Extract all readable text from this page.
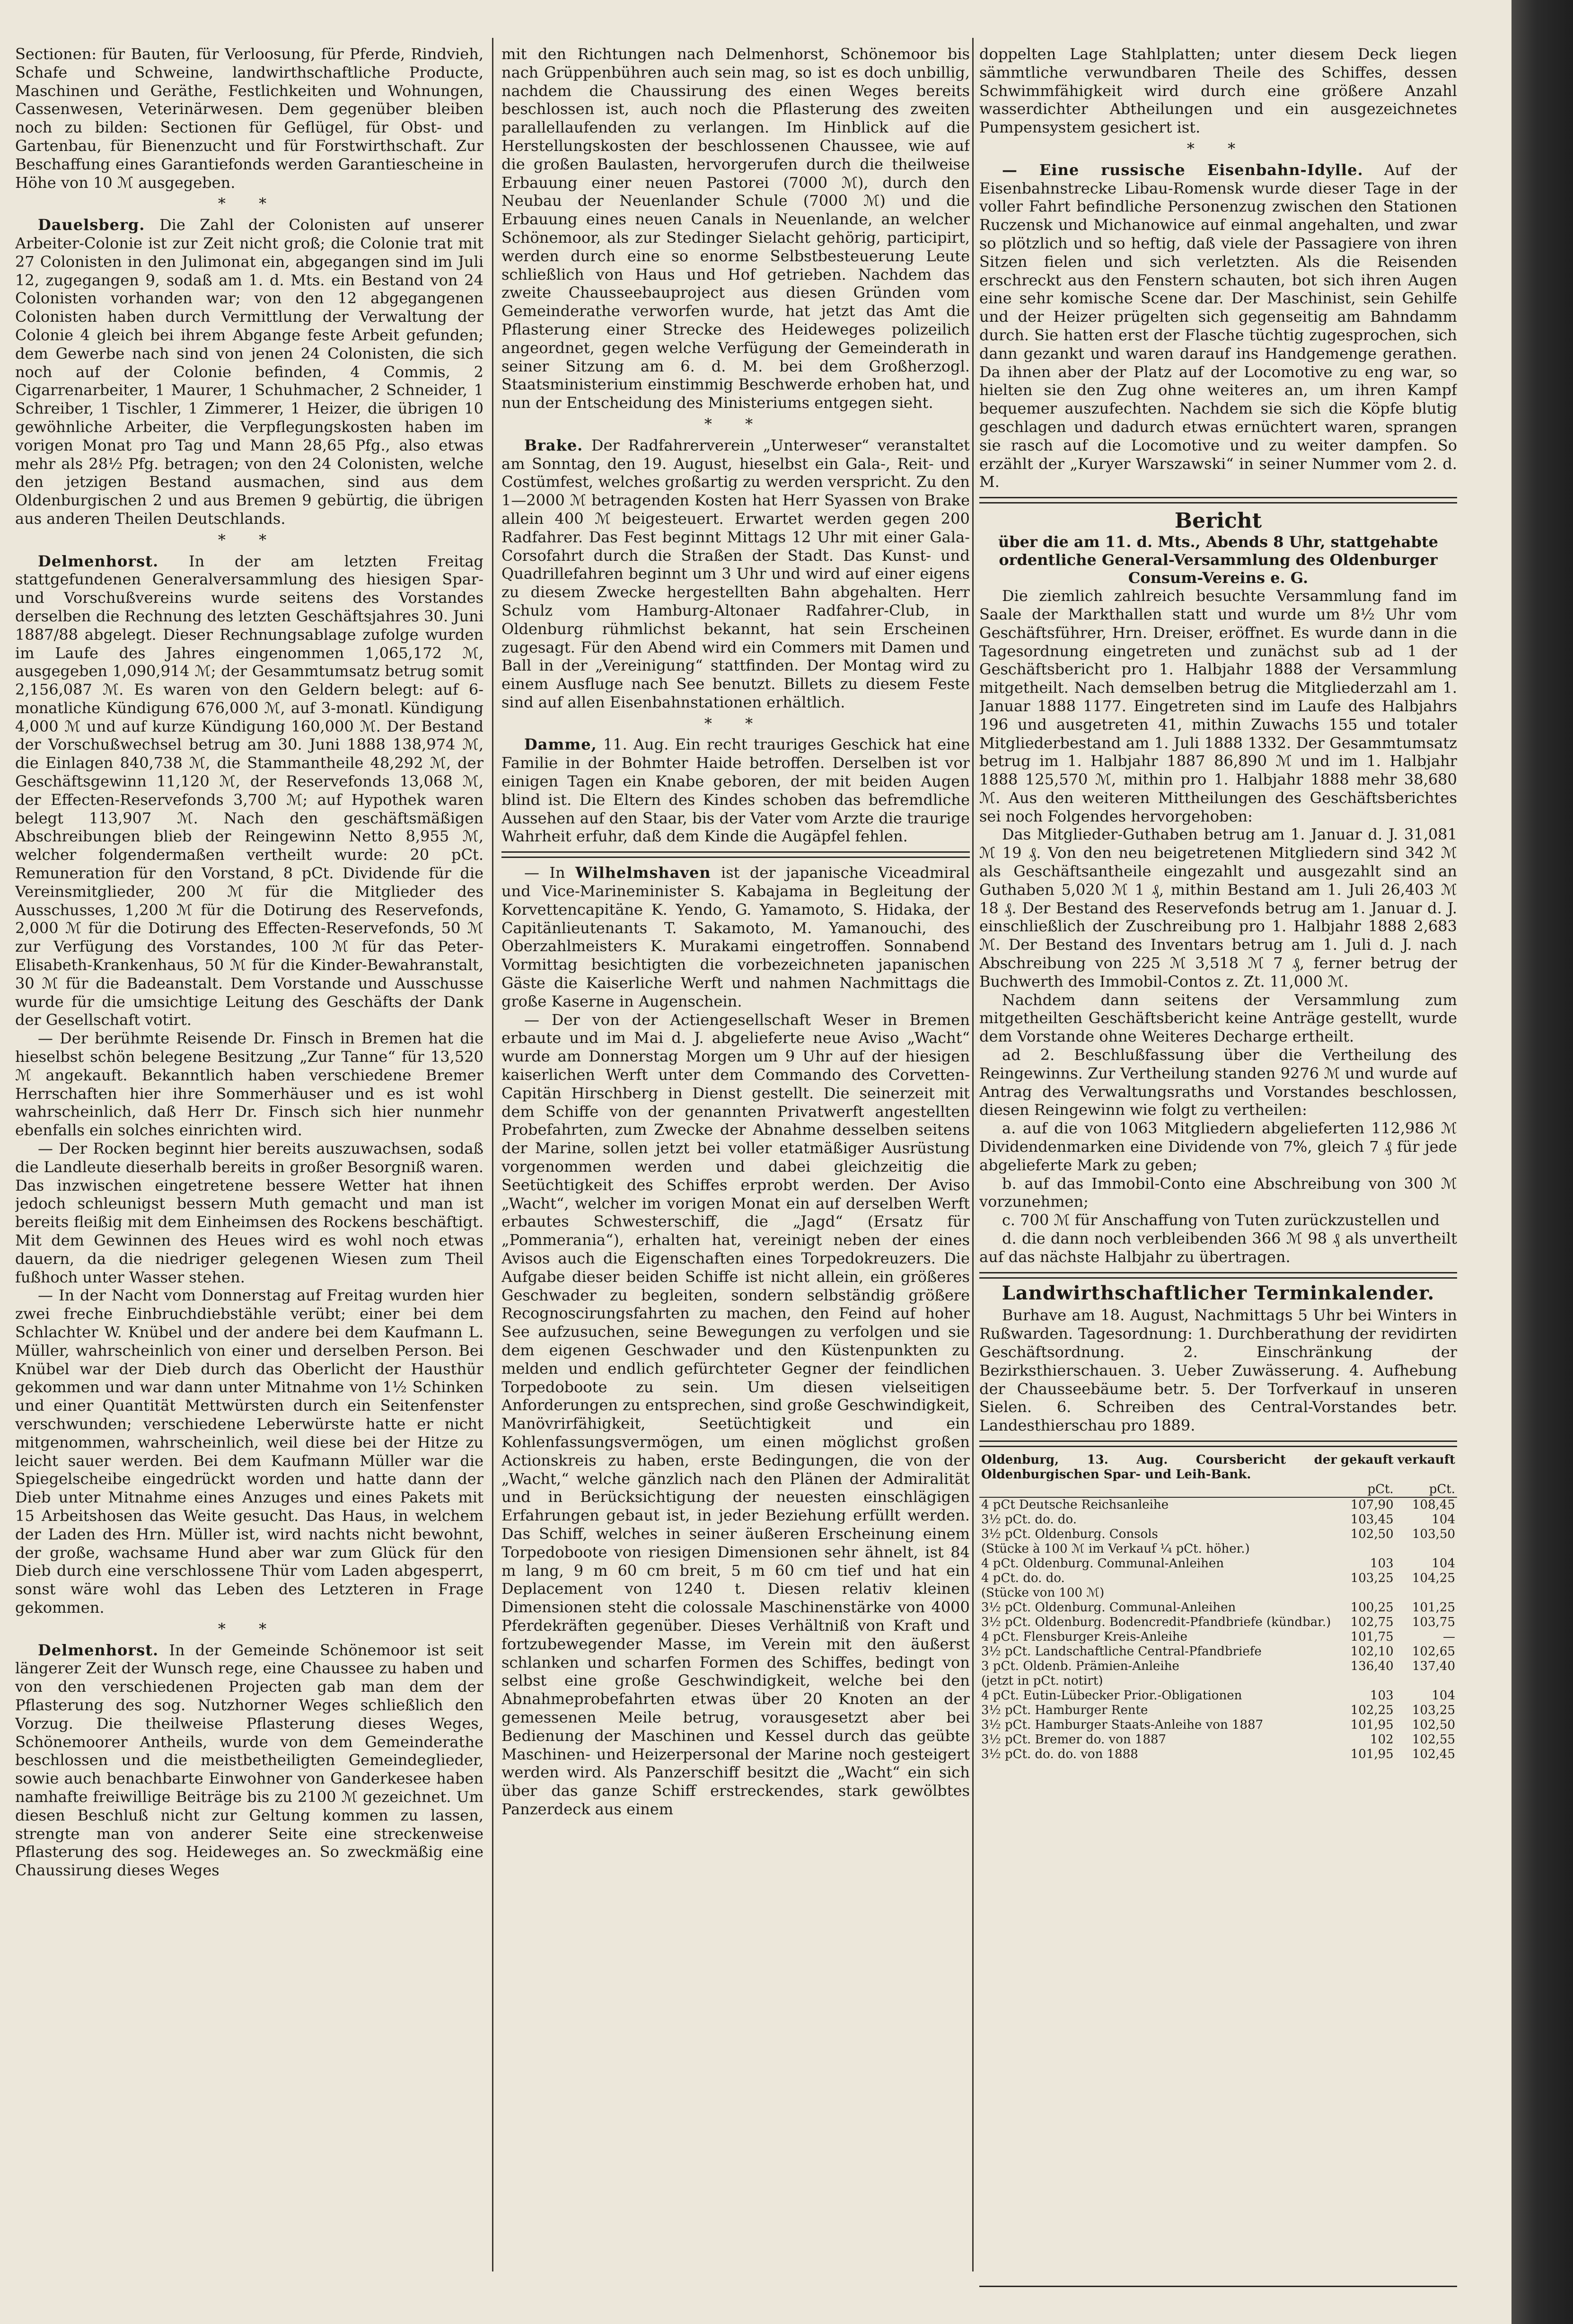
Sectionen: für Bauten, für Verloosung, für Pferde, Rindvieh, Schafe und Schweine, landwirthschaftliche Producte, Maschinen und Geräthe, Festlichkeiten und Wohnungen, Cassenwesen, Veterinärwesen. Dem gegenüber bleiben noch zu bilden: Sectionen für Geflügel, für Obst- und Gartenbau, für Bienenzucht und für Forstwirthschaft. Zur Beschaffung eines Garantiefonds werden Garantiescheine in Höhe von 10 ℳ ausgegeben.

* *

Dauelsberg. Die Zahl der Colonisten auf unserer Arbeiter-Colonie ist zur Zeit nicht groß; die Colonie trat mit 27 Colonisten in den Julimonat ein, abgegangen sind im Juli 12, zugegangen 9, sodaß am 1. d. Mts. ein Bestand von 24 Colonisten vorhanden war; von den 12 abgegangenen Colonisten haben durch Vermittlung der Verwaltung der Colonie 4 gleich bei ihrem Abgange feste Arbeit gefunden; dem Gewerbe nach sind von jenen 24 Colonisten, die sich noch auf der Colonie befinden, 4 Commis, 2 Cigarrenarbeiter, 1 Maurer, 1 Schuhmacher, 2 Schneider, 1 Schreiber, 1 Tischler, 1 Zimmerer, 1 Heizer, die übrigen 10 gewöhnliche Arbeiter, die Verpflegungskosten haben im vorigen Monat pro Tag und Mann 28,65 Pfg., also etwas mehr als 28½ Pfg. betragen; von den 24 Colonisten, welche den jetzigen Bestand ausmachen, sind aus dem Oldenburgischen 2 und aus Bremen 9 gebürtig, die übrigen aus anderen Theilen Deutschlands.

* *

Delmenhorst. In der am letzten Freitag stattgefundenen Generalversammlung des hiesigen Spar- und Vorschußvereins wurde seitens des Vorstandes derselben die Rechnung des letzten Geschäftsjahres 30. Juni 1887/88 abgelegt. Dieser Rechnungsablage zufolge wurden im Laufe des Jahres eingenommen 1,065,172 ℳ, ausgegeben 1,090,914 ℳ; der Gesammtumsatz betrug somit 2,156,087 ℳ. Es waren von den Geldern belegt: auf 6-monatliche Kündigung 676,000 ℳ, auf 3-monatl. Kündigung 4,000 ℳ und auf kurze Kündigung 160,000 ℳ. Der Bestand der Vorschußwechsel betrug am 30. Juni 1888 138,974 ℳ, die Einlagen 840,738 ℳ, die Stammantheile 48,292 ℳ, der Geschäftsgewinn 11,120 ℳ, der Reservefonds 13,068 ℳ, der Effecten-Reservefonds 3,700 ℳ; auf Hypothek waren belegt 113,907 ℳ. Nach den geschäftsmäßigen Abschreibungen blieb der Reingewinn Netto 8,955 ℳ, welcher folgendermaßen vertheilt wurde: 20 pCt. Remuneration für den Vorstand, 8 pCt. Dividende für die Vereinsmitglieder, 200 ℳ für die Mitglieder des Ausschusses, 1,200 ℳ für die Dotirung des Reservefonds, 2,000 ℳ für die Dotirung des Effecten-Reservefonds, 50 ℳ zur Verfügung des Vorstandes, 100 ℳ für das Peter-Elisabeth-Krankenhaus, 50 ℳ für die Kinder-Bewahranstalt, 30 ℳ für die Badeanstalt. Dem Vorstande und Ausschusse wurde für die umsichtige Leitung des Geschäfts der Dank der Gesellschaft votirt.

— Der berühmte Reisende Dr. Finsch in Bremen hat die hieselbst schön belegene Besitzung „Zur Tanne“ für 13,520 ℳ angekauft. Bekanntlich haben verschiedene Bremer Herrschaften hier ihre Sommerhäuser und es ist wohl wahrscheinlich, daß Herr Dr. Finsch sich hier nunmehr ebenfalls ein solches einrichten wird.

— Der Rocken beginnt hier bereits auszuwachsen, sodaß die Landleute dieserhalb bereits in großer Besorgniß waren. Das inzwischen eingetretene bessere Wetter hat ihnen jedoch schleunigst bessern Muth gemacht und man ist bereits fleißig mit dem Einheimsen des Rockens beschäftigt. Mit dem Gewinnen des Heues wird es wohl noch etwas dauern, da die niedriger gelegenen Wiesen zum Theil fußhoch unter Wasser stehen.

— In der Nacht vom Donnerstag auf Freitag wurden hier zwei freche Einbruchdiebstähle verübt; einer bei dem Schlachter W. Knübel und der andere bei dem Kaufmann L. Müller, wahrscheinlich von einer und derselben Person. Bei Knübel war der Dieb durch das Oberlicht der Hausthür gekommen und war dann unter Mitnahme von 1½ Schinken und einer Quantität Mettwürsten durch ein Seitenfenster verschwunden; verschiedene Leberwürste hatte er nicht mitgenommen, wahrscheinlich, weil diese bei der Hitze zu leicht sauer werden. Bei dem Kaufmann Müller war die Spiegelscheibe eingedrückt worden und hatte dann der Dieb unter Mitnahme eines Anzuges und eines Pakets mit 15 Arbeitshosen das Weite gesucht. Das Haus, in welchem der Laden des Hrn. Müller ist, wird nachts nicht bewohnt, der große, wachsame Hund aber war zum Glück für den Dieb durch eine verschlossene Thür vom Laden abgesperrt, sonst wäre wohl das Leben des Letzteren in Frage gekommen.

* *

Delmenhorst. In der Gemeinde Schönemoor ist seit längerer Zeit der Wunsch rege, eine Chaussee zu haben und von den verschiedenen Projecten gab man dem der Pflasterung des sog. Nutzhorner Weges schließlich den Vorzug. Die theilweise Pflasterung dieses Weges, Schönemoorer Antheils, wurde von dem Gemeinderathe beschlossen und die meistbetheiligten Gemeindeglieder, sowie auch benachbarte Einwohner von Ganderkesee haben namhafte freiwillige Beiträge bis zu 2100 ℳ gezeichnet. Um diesen Beschluß nicht zur Geltung kommen zu lassen, strengte man von anderer Seite eine streckenweise Pflasterung des sog. Heideweges an. So zweckmäßig eine Chaussirung dieses Weges

mit den Richtungen nach Delmenhorst, Schönemoor bis nach Grüppenbühren auch sein mag, so ist es doch unbillig, nachdem die Chaussirung des einen Weges bereits beschlossen ist, auch noch die Pflasterung des zweiten parallellaufenden zu verlangen. Im Hinblick auf die Herstellungskosten der beschlossenen Chaussee, wie auf die großen Baulasten, hervorgerufen durch die theilweise Erbauung einer neuen Pastorei (7000 ℳ), durch den Neubau der Neuenlander Schule (7000 ℳ) und die Erbauung eines neuen Canals in Neuenlande, an welcher Schönemoor, als zur Stedinger Sielacht gehörig, participirt, werden durch eine so enorme Selbstbesteuerung Leute schließlich von Haus und Hof getrieben. Nachdem das zweite Chausseebauproject aus diesen Gründen vom Gemeinderathe verworfen wurde, hat jetzt das Amt die Pflasterung einer Strecke des Heideweges polizeilich angeordnet, gegen welche Verfügung der Gemeinderath in seiner Sitzung am 6. d. M. bei dem Großherzogl. Staatsministerium einstimmig Beschwerde erhoben hat, und nun der Entscheidung des Ministeriums entgegen sieht.

* *

Brake. Der Radfahrerverein „Unterweser“ veranstaltet am Sonntag, den 19. August, hieselbst ein Gala-, Reit- und Costümfest, welches großartig zu werden verspricht. Zu den 1—2000 ℳ betragenden Kosten hat Herr Syassen von Brake allein 400 ℳ beigesteuert. Erwartet werden gegen 200 Radfahrer. Das Fest beginnt Mittags 12 Uhr mit einer Gala-Corsofahrt durch die Straßen der Stadt. Das Kunst- und Quadrillefahren beginnt um 3 Uhr und wird auf einer eigens zu diesem Zwecke hergestellten Bahn abgehalten. Herr Schulz vom Hamburg-Altonaer Radfahrer-Club, in Oldenburg rühmlichst bekannt, hat sein Erscheinen zugesagt. Für den Abend wird ein Commers mit Damen und Ball in der „Vereinigung“ stattfinden. Der Montag wird zu einem Ausfluge nach See benutzt. Billets zu diesem Feste sind auf allen Eisenbahnstationen erhältlich.

* *

Damme, 11. Aug. Ein recht trauriges Geschick hat eine Familie in der Bohmter Haide betroffen. Derselben ist vor einigen Tagen ein Knabe geboren, der mit beiden Augen blind ist. Die Eltern des Kindes schoben das befremdliche Aussehen auf den Staar, bis der Vater vom Arzte die traurige Wahrheit erfuhr, daß dem Kinde die Augäpfel fehlen.

— In Wilhelmshaven ist der japanische Viceadmiral und Vice-Marineminister S. Kabajama in Begleitung der Korvettencapitäne K. Yendo, G. Yamamoto, S. Hidaka, der Capitänlieutenants T. Sakamoto, M. Yamanouchi, des Oberzahlmeisters K. Murakami eingetroffen. Sonnabend Vormittag besichtigten die vorbezeichneten japanischen Gäste die Kaiserliche Werft und nahmen Nachmittags die große Kaserne in Augenschein.

— Der von der Actiengesellschaft Weser in Bremen erbaute und im Mai d. J. abgelieferte neue Aviso „Wacht“ wurde am Donnerstag Morgen um 9 Uhr auf der hiesigen kaiserlichen Werft unter dem Commando des Corvetten-Capitän Hirschberg in Dienst gestellt. Die seinerzeit mit dem Schiffe von der genannten Privatwerft angestellten Probefahrten, zum Zwecke der Abnahme desselben seitens der Marine, sollen jetzt bei voller etatmäßiger Ausrüstung vorgenommen werden und dabei gleichzeitig die Seetüchtigkeit des Schiffes erprobt werden. Der Aviso „Wacht“, welcher im vorigen Monat ein auf derselben Werft erbautes Schwesterschiff, die „Jagd“ (Ersatz für „Pommerania“), erhalten hat, vereinigt neben der eines Avisos auch die Eigenschaften eines Torpedokreuzers. Die Aufgabe dieser beiden Schiffe ist nicht allein, ein größeres Geschwader zu begleiten, sondern selbständig größere Recognoscirungsfahrten zu machen, den Feind auf hoher See aufzusuchen, seine Bewegungen zu verfolgen und sie dem eigenen Geschwader und den Küstenpunkten zu melden und endlich gefürchteter Gegner der feindlichen Torpedoboote zu sein. Um diesen vielseitigen Anforderungen zu entsprechen, sind große Geschwindigkeit, Manövrirfähigkeit, Seetüchtigkeit und ein Kohlenfassungsvermögen, um einen möglichst großen Actionskreis zu haben, erste Bedingungen, die von der „Wacht,“ welche gänzlich nach den Plänen der Admiralität und in Berücksichtigung der neuesten einschlägigen Erfahrungen gebaut ist, in jeder Beziehung erfüllt werden. Das Schiff, welches in seiner äußeren Erscheinung einem Torpedoboote von riesigen Dimensionen sehr ähnelt, ist 84 m lang, 9 m 60 cm breit, 5 m 60 cm tief und hat ein Deplacement von 1240 t. Diesen relativ kleinen Dimensionen steht die colossale Maschinenstärke von 4000 Pferdekräften gegenüber. Dieses Verhältniß von Kraft und fortzubewegender Masse, im Verein mit den äußerst schlanken und scharfen Formen des Schiffes, bedingt von selbst eine große Geschwindigkeit, welche bei den Abnahmeprobefahrten etwas über 20 Knoten an der gemessenen Meile betrug, vorausgesetzt aber bei Bedienung der Maschinen und Kessel durch das geübte Maschinen- und Heizerpersonal der Marine noch gesteigert werden wird. Als Panzerschiff besitzt die „Wacht“ ein sich über das ganze Schiff erstreckendes, stark gewölbtes Panzerdeck aus einem

doppelten Lage Stahlplatten; unter diesem Deck liegen sämmtliche verwundbaren Theile des Schiffes, dessen Schwimmfähigkeit wird durch eine größere Anzahl wasserdichter Abtheilungen und ein ausgezeichnetes Pumpensystem gesichert ist.

* *

— Eine russische Eisenbahn-Idylle. Auf der Eisenbahnstrecke Libau-Romensk wurde dieser Tage in der voller Fahrt befindliche Personenzug zwischen den Stationen Ruczensk und Michanowice auf einmal angehalten, und zwar so plötzlich und so heftig, daß viele der Passagiere von ihren Sitzen fielen und sich verletzten. Als die Reisenden erschreckt aus den Fenstern schauten, bot sich ihren Augen eine sehr komische Scene dar. Der Maschinist, sein Gehilfe und der Heizer prügelten sich gegenseitig am Bahndamm durch. Sie hatten erst der Flasche tüchtig zugesprochen, sich dann gezankt und waren darauf ins Handgemenge gerathen. Da ihnen aber der Platz auf der Locomotive zu eng war, so hielten sie den Zug ohne weiteres an, um ihren Kampf bequemer auszufechten. Nachdem sie sich die Köpfe blutig geschlagen und dadurch etwas ernüchtert waren, sprangen sie rasch auf die Locomotive und zu weiter dampfen. So erzählt der „Kuryer Warszawski“ in seiner Nummer vom 2. d. M.

Bericht
über die am 11. d. Mts., Abends 8 Uhr, stattgehabte ordentliche General-Versammlung des Oldenburger Consum-Vereins e. G.

Die ziemlich zahlreich besuchte Versammlung fand im Saale der Markthallen statt und wurde um 8½ Uhr vom Geschäftsführer, Hrn. Dreiser, eröffnet. Es wurde dann in die Tagesordnung eingetreten und zunächst sub ad 1 der Geschäftsbericht pro 1. Halbjahr 1888 der Versammlung mitgetheilt. Nach demselben betrug die Mitgliederzahl am 1. Januar 1888 1177. Eingetreten sind im Laufe des Halbjahrs 196 und ausgetreten 41, mithin Zuwachs 155 und totaler Mitgliederbestand am 1. Juli 1888 1332. Der Gesammtumsatz betrug im 1. Halbjahr 1887 86,890 ℳ und im 1. Halbjahr 1888 125,570 ℳ, mithin pro 1. Halbjahr 1888 mehr 38,680 ℳ. Aus den weiteren Mittheilungen des Geschäftsberichtes sei noch Folgendes hervorgehoben:

Das Mitglieder-Guthaben betrug am 1. Januar d. J. 31,081 ℳ 19 ₰. Von den neu beigetretenen Mitgliedern sind 342 ℳ als Geschäftsantheile eingezahlt und ausgezahlt sind an Guthaben 5,020 ℳ 1 ₰, mithin Bestand am 1. Juli 26,403 ℳ 18 ₰. Der Bestand des Reservefonds betrug am 1. Januar d. J. einschließlich der Zuschreibung pro 1. Halbjahr 1888 2,683 ℳ. Der Bestand des Inventars betrug am 1. Juli d. J. nach Abschreibung von 225 ℳ 3,518 ℳ 7 ₰, ferner betrug der Buchwerth des Immobil-Contos z. Zt. 11,000 ℳ.

Nachdem dann seitens der Versammlung zum mitgetheilten Geschäftsbericht keine Anträge gestellt, wurde dem Vorstande ohne Weiteres Decharge ertheilt.

ad 2. Beschlußfassung über die Vertheilung des Reingewinns. Zur Vertheilung standen 9276 ℳ und wurde auf Antrag des Verwaltungsraths und Vorstandes beschlossen, diesen Reingewinn wie folgt zu vertheilen:

a. auf die von 1063 Mitgliedern abgelieferten 112,986 ℳ Dividendenmarken eine Dividende von 7%, gleich 7 ₰ für jede abgelieferte Mark zu geben;

b. auf das Immobil-Conto eine Abschreibung von 300 ℳ vorzunehmen;

c. 700 ℳ für Anschaffung von Tuten zurückzustellen und

d. die dann noch verbleibenden 366 ℳ 98 ₰ als unvertheilt auf das nächste Halbjahr zu übertragen.

Landwirthschaftlicher Terminkalender.

Burhave am 18. August, Nachmittags 5 Uhr bei Winters in Rußwarden. Tagesordnung: 1. Durchberathung der revidirten Geschäftsordnung. 2. Einschränkung der Bezirksthierschauen. 3. Ueber Zuwässerung. 4. Aufhebung der Chausseebäume betr. 5. Der Torfverkauf in unseren Sielen. 6. Schreiben des Central-Vorstandes betr. Landesthierschau pro 1889.

Oldenburg, 13. Aug. Coursbericht der Oldenburgischen Spar- und Leih-Bank.	gekauft	verkauft
	pCt.	pCt.
4 pCt Deutsche Reichsanleihe	107,90	108,45
3½ pCt. do. do.	103,45	104
3½ pCt. Oldenburg. Consols	102,50	103,50
(Stücke à 100 ℳ im Verkauf ¼ pCt. höher.)		
4 pCt. Oldenburg. Communal-Anleihen	103	104
4 pCt. do. do.	103,25	104,25
(Stücke von 100 ℳ)		
3½ pCt. Oldenburg. Communal-Anleihen	100,25	101,25
3½ pCt. Oldenburg. Bodencredit-Pfandbriefe (kündbar.)	102,75	103,75
4 pCt. Flensburger Kreis-Anleihe	101,75	—
3½ pCt. Landschaftliche Central-Pfandbriefe	102,10	102,65
3 pCt. Oldenb. Prämien-Anleihe	136,40	137,40
(jetzt in pCt. notirt)		
4 pCt. Eutin-Lübecker Prior.-Obligationen	103	104
3½ pCt. Hamburger Rente	102,25	103,25
3½ pCt. Hamburger Staats-Anleihe von 1887	101,95	102,50
3½ pCt. Bremer do. von 1887	102	102,55
3½ pCt. do. do. von 1888	101,95	102,45
